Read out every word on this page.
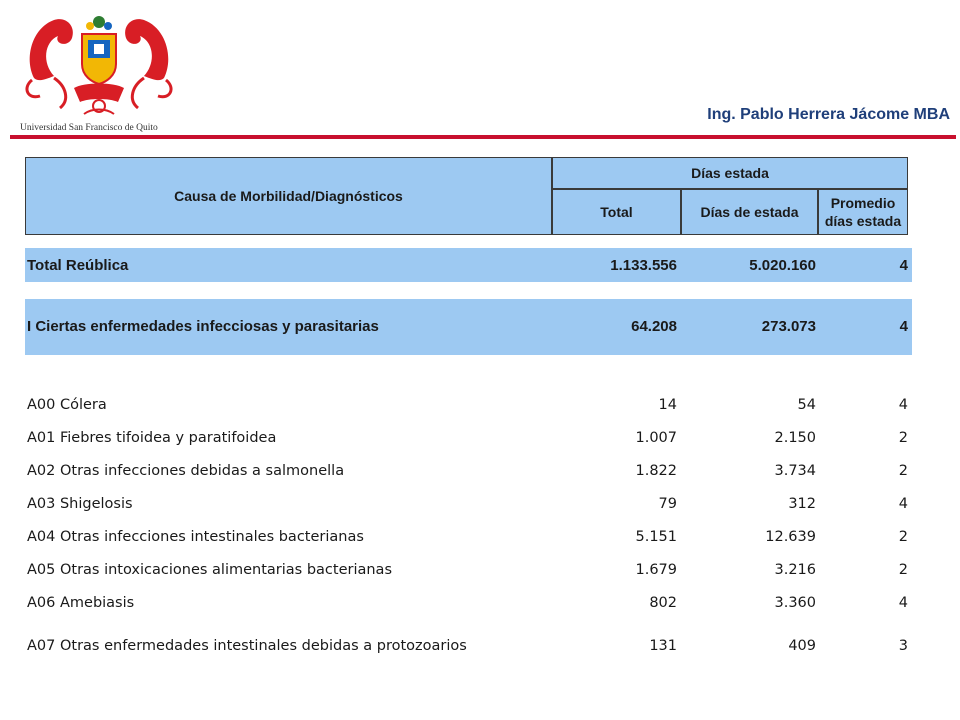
Universidad San Francisco de Quito
Ing. Pablo Herrera Jácome MBA
Causa de Morbilidad/Diagnósticos
Días estada
Total	Días de estada
Promedio
días estada
Total Reública	1.133.556	5.020.160	4
I Ciertas enfermedades infecciosas y parasitarias	64.208	273.073	4
A00 Cólera	14	54	4
A01 Fiebres tifoidea y paratifoidea	1.007	2.150	2
A02 Otras infecciones debidas a salmonella	1.822	3.734	2
A03 Shigelosis	79	312	4
A04 Otras infecciones intestinales bacterianas	5.151	12.639	2
A05 Otras intoxicaciones alimentarias bacterianas	1.679	3.216	2
A06 Amebiasis	802	3.360	4
A07 Otras enfermedades intestinales debidas a protozoarios	131	409	3
